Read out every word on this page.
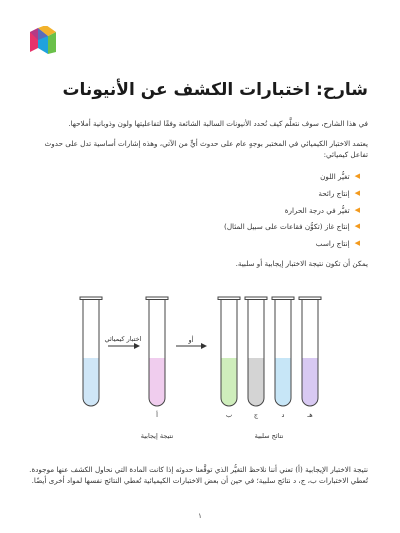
شارح: اختبارات الكشف عن الأنيونات

في هذا الشارح، سوف نتعلَّم كيف نُحدد الأنيونات السالبة الشائعة وفقًا لتفاعليتها ولون وذوبانية أملاحها.

يعتمد الاختبار الكيميائي في المختبر بوجهٍ عام على حدوث أيٍّ من الآتي، وهذه إشارات أساسية تدل على حدوث تفاعل كيميائي:

◀
تغيُّر اللون
◀
إنتاج رائحة
◀
تغيُّر في درجة الحرارة
◀
إنتاج غاز (تكوُّن فقاعات على سبيل المثال)
◀
إنتاج راسب

يمكن أن تكون نتيجة الاختبار إيجابية أو سلبية.

اختبار كيميائي
أ
نتيجة إيجابية
أو
ب	ج	د	هـ
نتائج سلبية

نتيجة الاختبار الإيجابية (أ) تعني أننا نلاحظ التغيُّر الذي توقَّعنا حدوثه إذا كانت المادة التي نحاول الكشف عنها موجودة. تُعطي الاختبارات ب، ج، د نتائج سلبية؛ في حين أن بعض الاختبارات الكيميائية تُعطي النتائج نفسها لمواد أخرى أيضًا.

١
